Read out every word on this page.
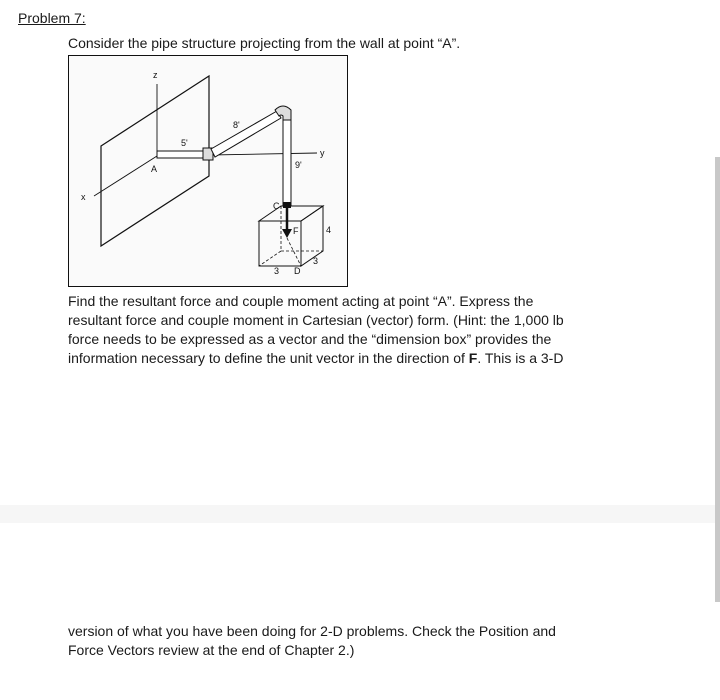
Problem 7:

Consider the pipe structure projecting from the wall at point “A”.

z
x
y
A
C
D
F
5'
8'
9'
4
3
3

Find the resultant force and couple moment acting at point “A”. Express the
resultant force and couple moment in Cartesian (vector) form. (Hint: the 1,000 lb
force needs to be expressed as a vector and the “dimension box” provides the
information necessary to define the unit vector in the direction of F. This is a 3-D

version of what you have been doing for 2-D problems. Check the Position and
Force Vectors review at the end of Chapter 2.)
